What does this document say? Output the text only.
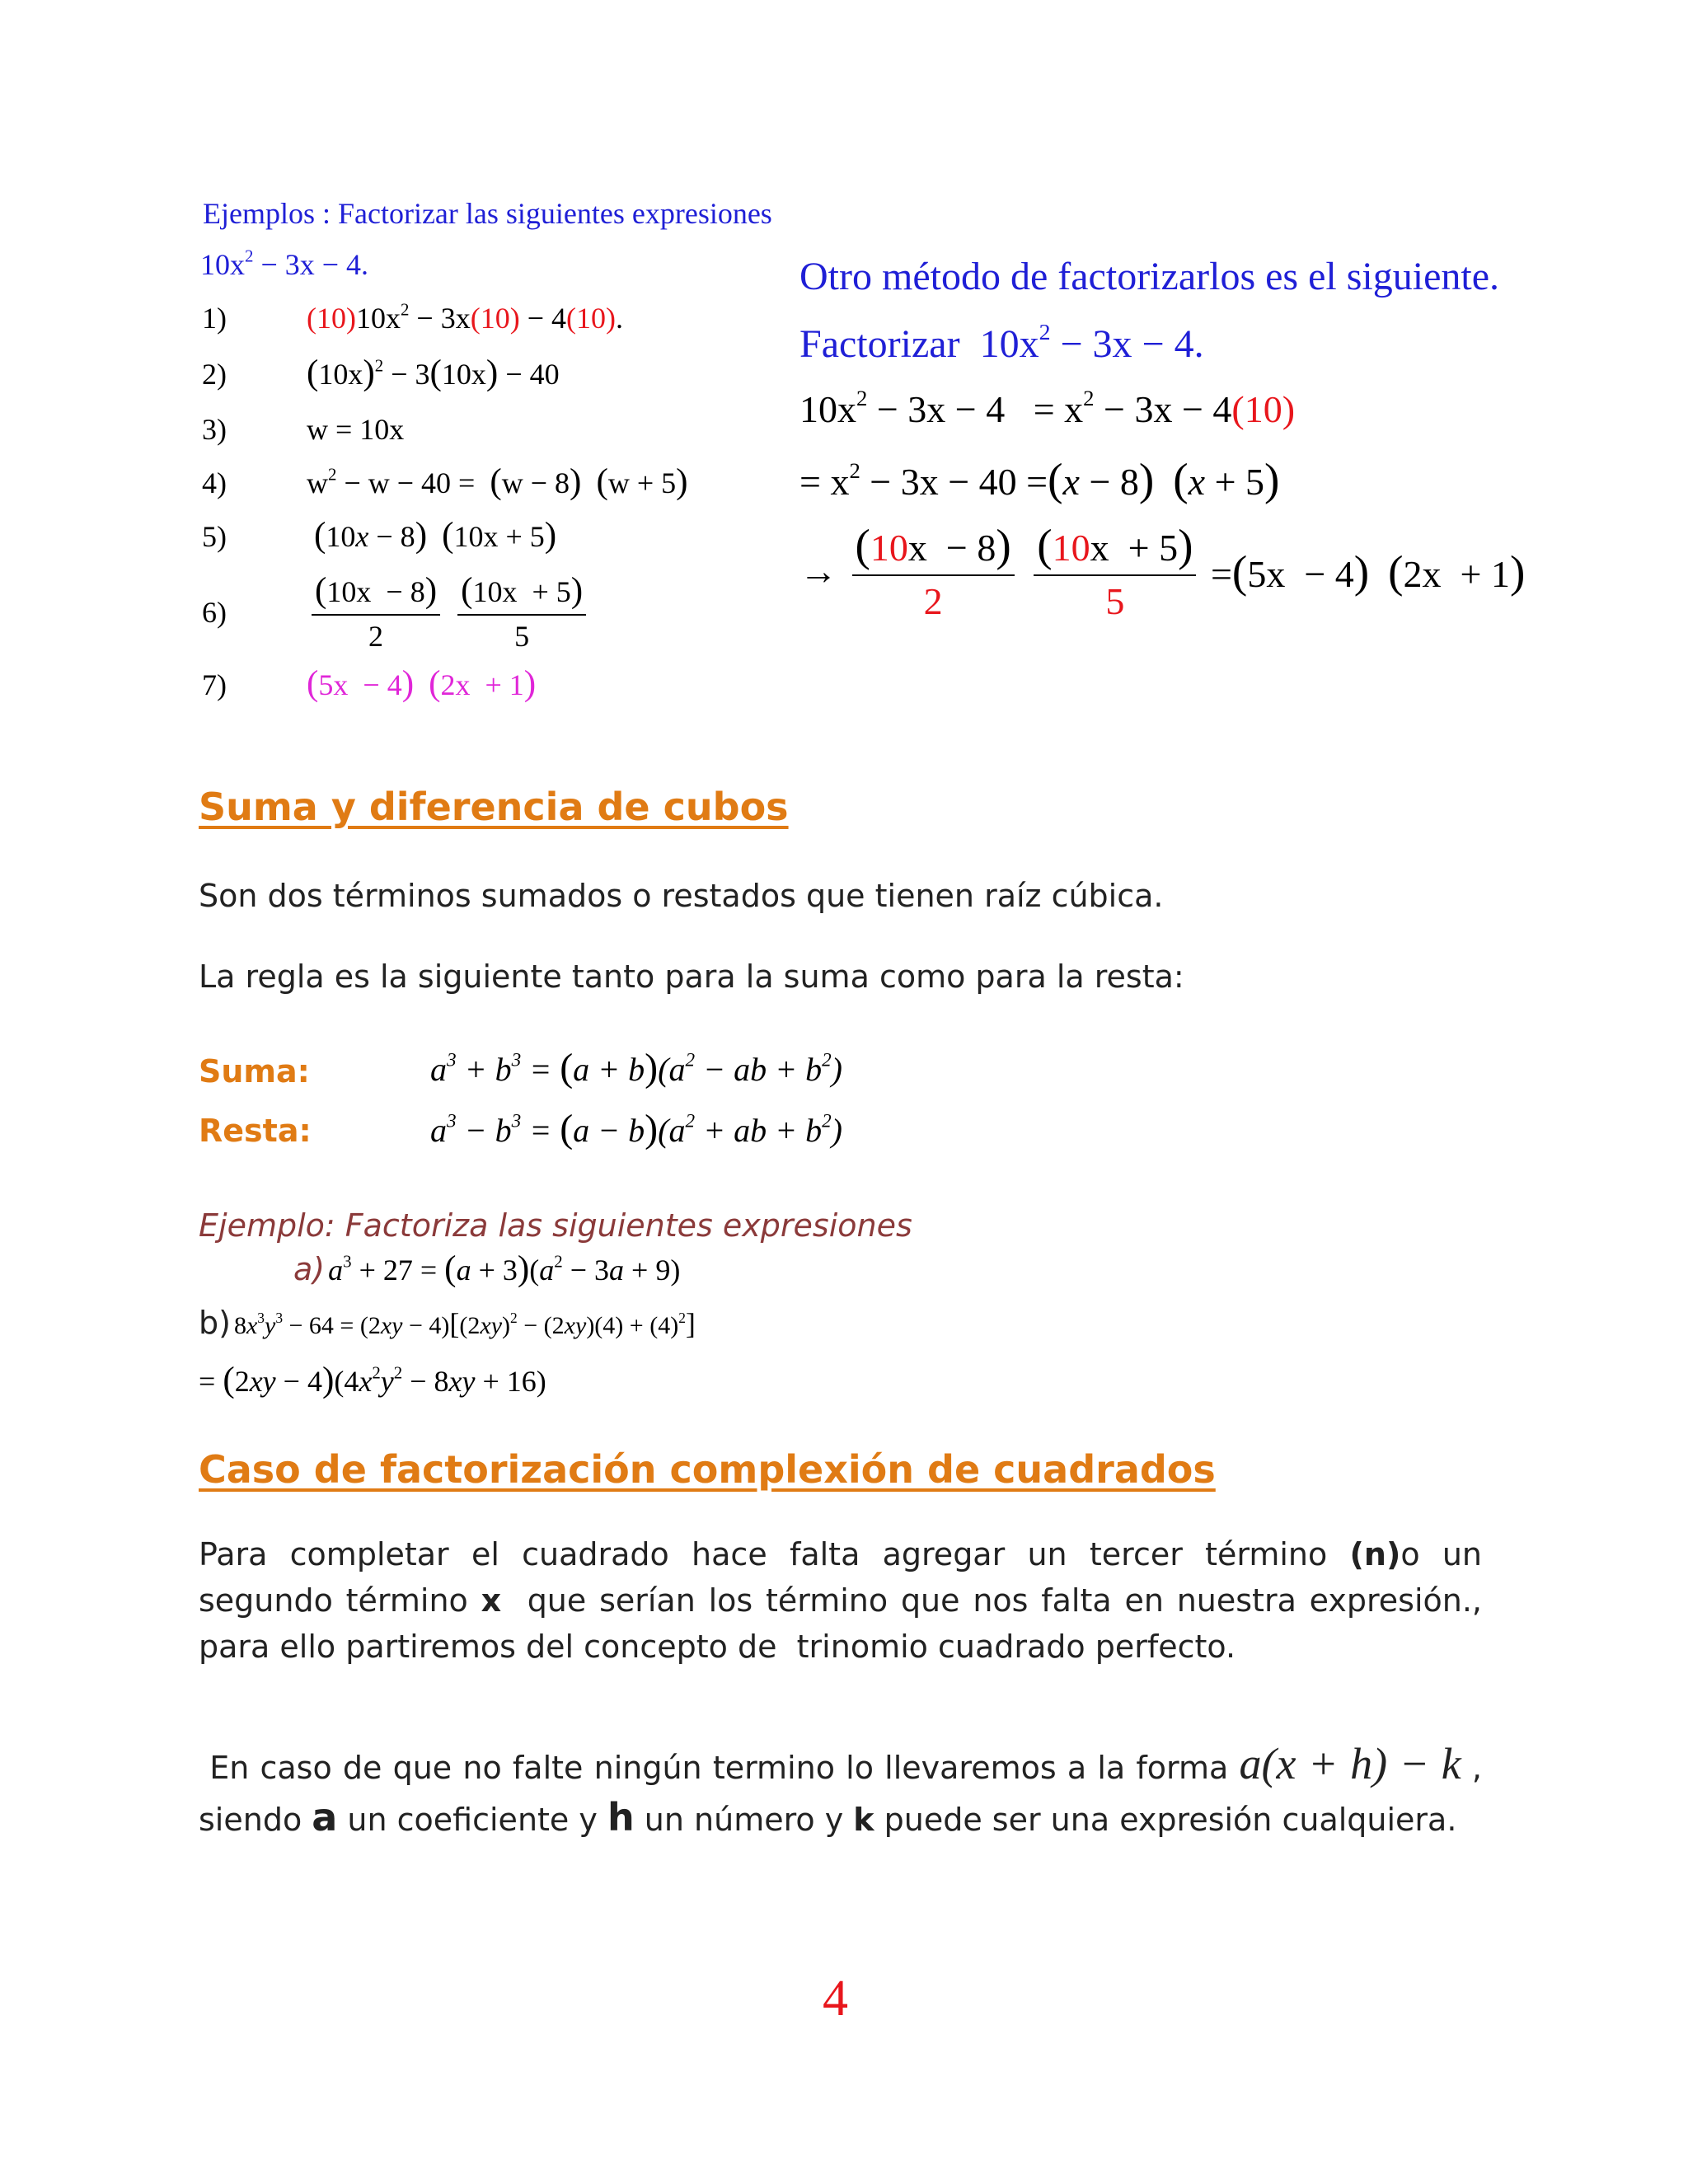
Ejemplos : Factorizar las siguientes expresiones
$10x^2 - 3x - 4$.
1)	$(10)10x^2 - 3x(10) - 4(10)$.
2) $(10x)^2 - 3(10x) - 40$
3)   w = 10x
4)   $w^2 - w - 40 = (w - 8) (w + 5)$
5) (10x − 8) (10x + 5)
$6) \frac{(10x - 8)}{2}$
$\frac{(10x + 5)}{5}$
7) (5x  − 4) (2x  + 1)
Otro método de factorizarlos es el siguiente.
Factorizar  $10x^2 - 3x - 4$.
$10x^2 - 3x - 4 = x^2 - 3x - 4(10)$
= $x^2 - 3x - 40 =(x - 8) (x + 5)$
→ $\frac{(10x - 8)}{2}$
$\frac{(10x + 5)}{5} =(5x - 4) (2x + 1)$
Suma y diferencia de cubos
Son dos términos sumados o restados que tienen raíz cúbica.
La regla es la siguiente tanto para la suma como para la resta:
Suma:	$a^3 + b^3 = (a + b)(a^2$ − ab + $b^2$)
Resta:	$a^3 - b^3 = (a - b)(a^2$ + ab + $b^2$)
Ejemplo: Factoriza las siguientes expresiones
a) $a^3 + 27 = (a + 3)(a^2 - 3a + 9)$
b) $8x^3y^3 - 64 = (2xy - 4)[(2xy)^2 - (2xy)(4) + (4)^2]$
= $(2xy - 4)(4x^2y^2 - 8xy + 16)$
Caso de factorización complexión de cuadrados
Para completar el cuadrado hace falta agregar un tercer término (n)o un segundo término x  que serían los término que nos falta en nuestra expresión., para ello partiremos del concepto de  trinomio cuadrado perfecto.
En caso de que no falte ningún termino lo llevaremos a la forma a(x + h) − k , siendo a un coeficiente y h un número y k puede ser una expresión cualquiera.
4
